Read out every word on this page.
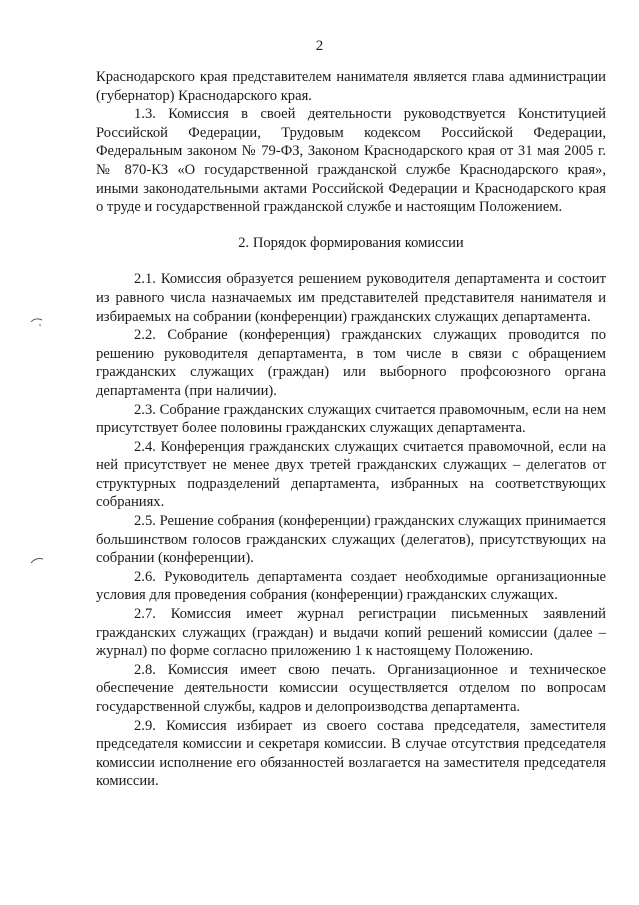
2

Краснодарского края представителем нанимателя является глава администрации (губернатор) Краснодарского края.

1.3. Комиссия в своей деятельности руководствуется Конституцией Российской Федерации, Трудовым кодексом Российской Федерации, Федеральным законом № 79-ФЗ, Законом Краснодарского края от 31 мая 2005 г. № 870-КЗ «О государственной гражданской службе Краснодарского края», иными законодательными актами Российской Федерации и Краснодарского края о труде и государственной гражданской службе и настоящим Положением.

2. Порядок формирования комиссии

2.1. Комиссия образуется решением руководителя департамента и состоит из равного числа назначаемых им представителей представителя нанимателя и избираемых на собрании (конференции) гражданских служащих департамента.

2.2. Собрание (конференция) гражданских служащих проводится по решению руководителя департамента, в том числе в связи с обращением гражданских служащих (граждан) или выборного профсоюзного органа департамента (при наличии).

2.3. Собрание гражданских служащих считается правомочным, если на нем присутствует более половины гражданских служащих департамента.

2.4. Конференция гражданских служащих считается правомочной, если на ней присутствует не менее двух третей гражданских служащих – делегатов от структурных подразделений департамента, избранных на соответствующих собраниях.

2.5. Решение собрания (конференции) гражданских служащих принимается большинством голосов гражданских служащих (делегатов), присутствующих на собрании (конференции).

2.6. Руководитель департамента создает необходимые организационные условия для проведения собрания (конференции) гражданских служащих.

2.7. Комиссия имеет журнал регистрации письменных заявлений гражданских служащих (граждан) и выдачи копий решений комиссии (далее – журнал) по форме согласно приложению 1 к настоящему Положению.

2.8. Комиссия имеет свою печать. Организационное и техническое обеспечение деятельности комиссии осуществляется отделом по вопросам государственной службы, кадров и делопроизводства департамента.

2.9. Комиссия избирает из своего состава председателя, заместителя председателя комиссии и секретаря комиссии. В случае отсутствия председателя комиссии исполнение его обязанностей возлагается на заместителя председателя комиссии.
